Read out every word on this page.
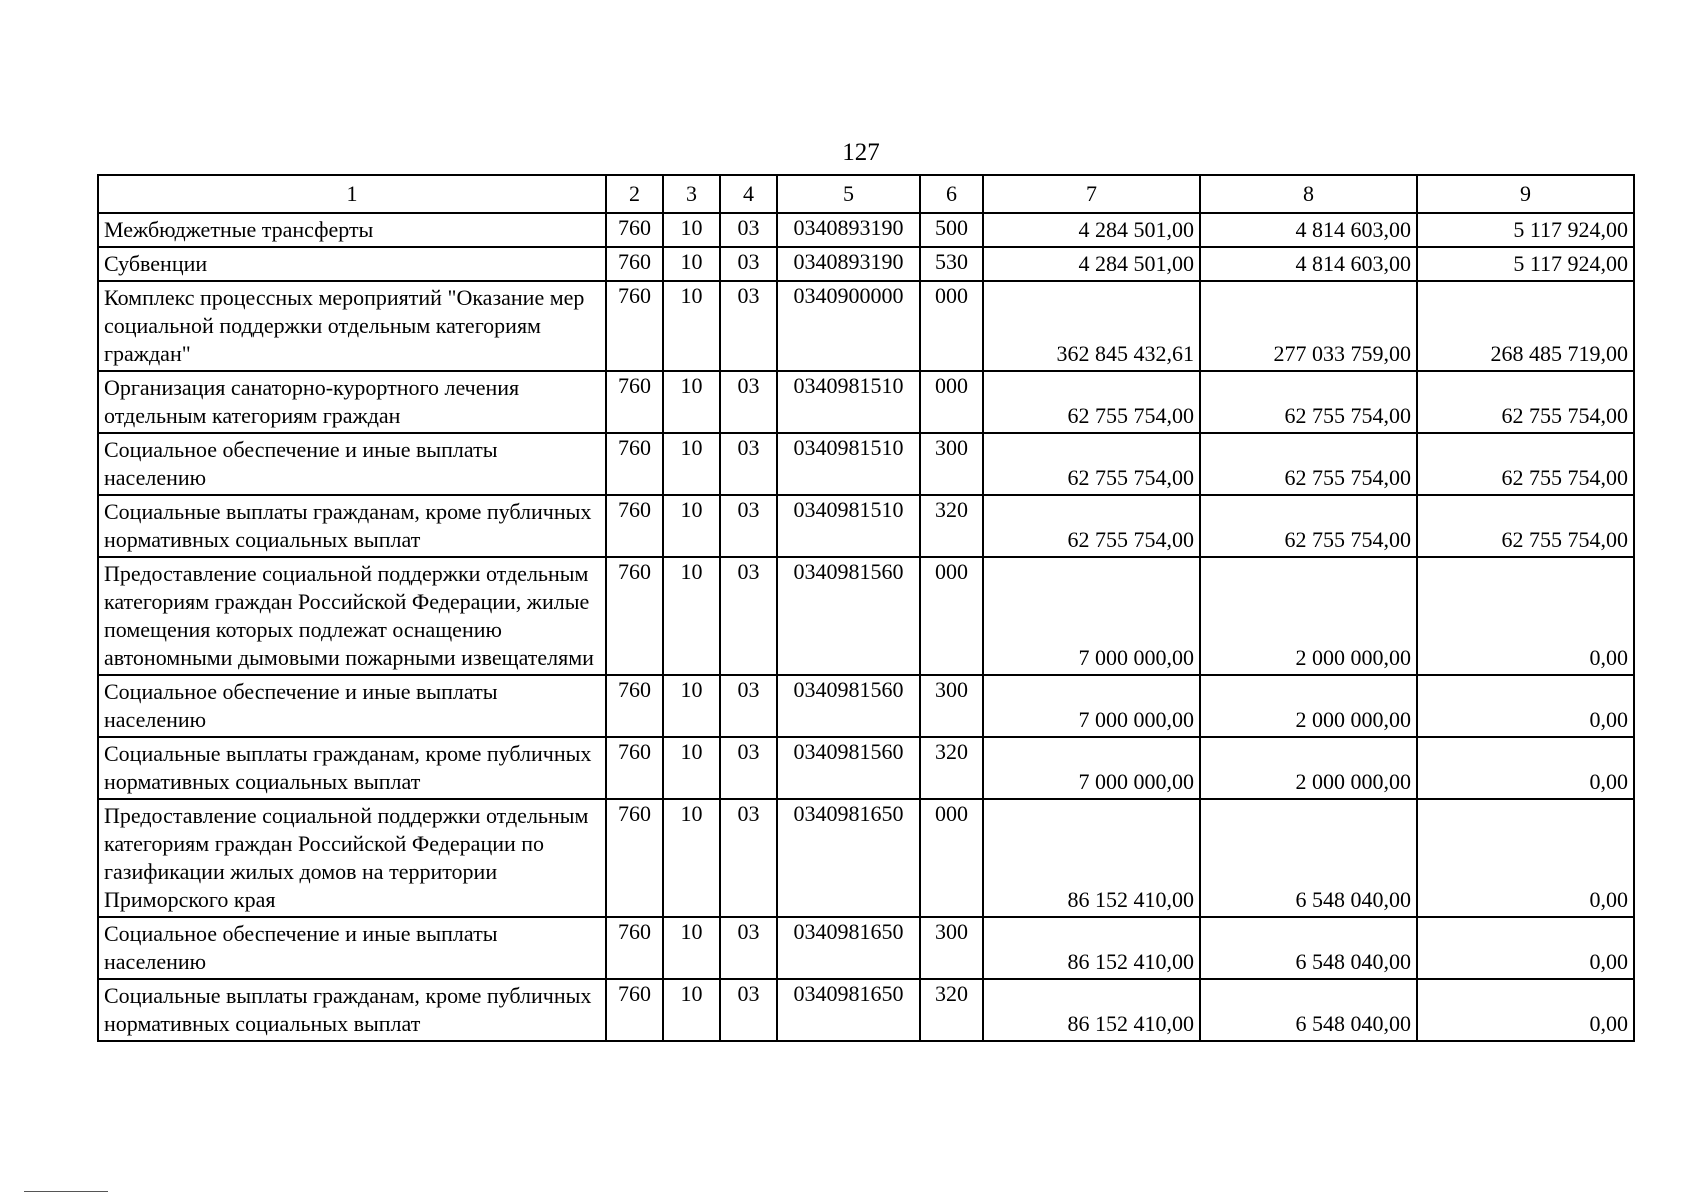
127
1	2	3	4	5	6	7	8	9
Межбюджетные трансферты	760	10	03	0340893190	500	4 284 501,00	4 814 603,00	5 117 924,00
Субвенции	760	10	03	0340893190	530	4 284 501,00	4 814 603,00	5 117 924,00
Комплекс процессных мероприятий "Оказание мер социальной поддержки отдельным категориям граждан"	760	10	03	0340900000	000	362 845 432,61	277 033 759,00	268 485 719,00
Организация санаторно-курортного лечения отдельным категориям граждан	760	10	03	0340981510	000	62 755 754,00	62 755 754,00	62 755 754,00
Социальное обеспечение и иные выплаты населению	760	10	03	0340981510	300	62 755 754,00	62 755 754,00	62 755 754,00
Социальные выплаты гражданам, кроме публичных нормативных социальных выплат	760	10	03	0340981510	320	62 755 754,00	62 755 754,00	62 755 754,00
Предоставление социальной поддержки отдельным категориям граждан Российской Федерации, жилые помещения которых подлежат оснащению автономными дымовыми пожарными извещателями	760	10	03	0340981560	000	7 000 000,00	2 000 000,00	0,00
Социальное обеспечение и иные выплаты населению	760	10	03	0340981560	300	7 000 000,00	2 000 000,00	0,00
Социальные выплаты гражданам, кроме публичных нормативных социальных выплат	760	10	03	0340981560	320	7 000 000,00	2 000 000,00	0,00
Предоставление социальной поддержки отдельным категориям граждан Российской Федерации по газификации жилых домов на территории Приморского края	760	10	03	0340981650	000	86 152 410,00	6 548 040,00	0,00
Социальное обеспечение и иные выплаты населению	760	10	03	0340981650	300	86 152 410,00	6 548 040,00	0,00
Социальные выплаты гражданам, кроме публичных нормативных социальных выплат	760	10	03	0340981650	320	86 152 410,00	6 548 040,00	0,00
